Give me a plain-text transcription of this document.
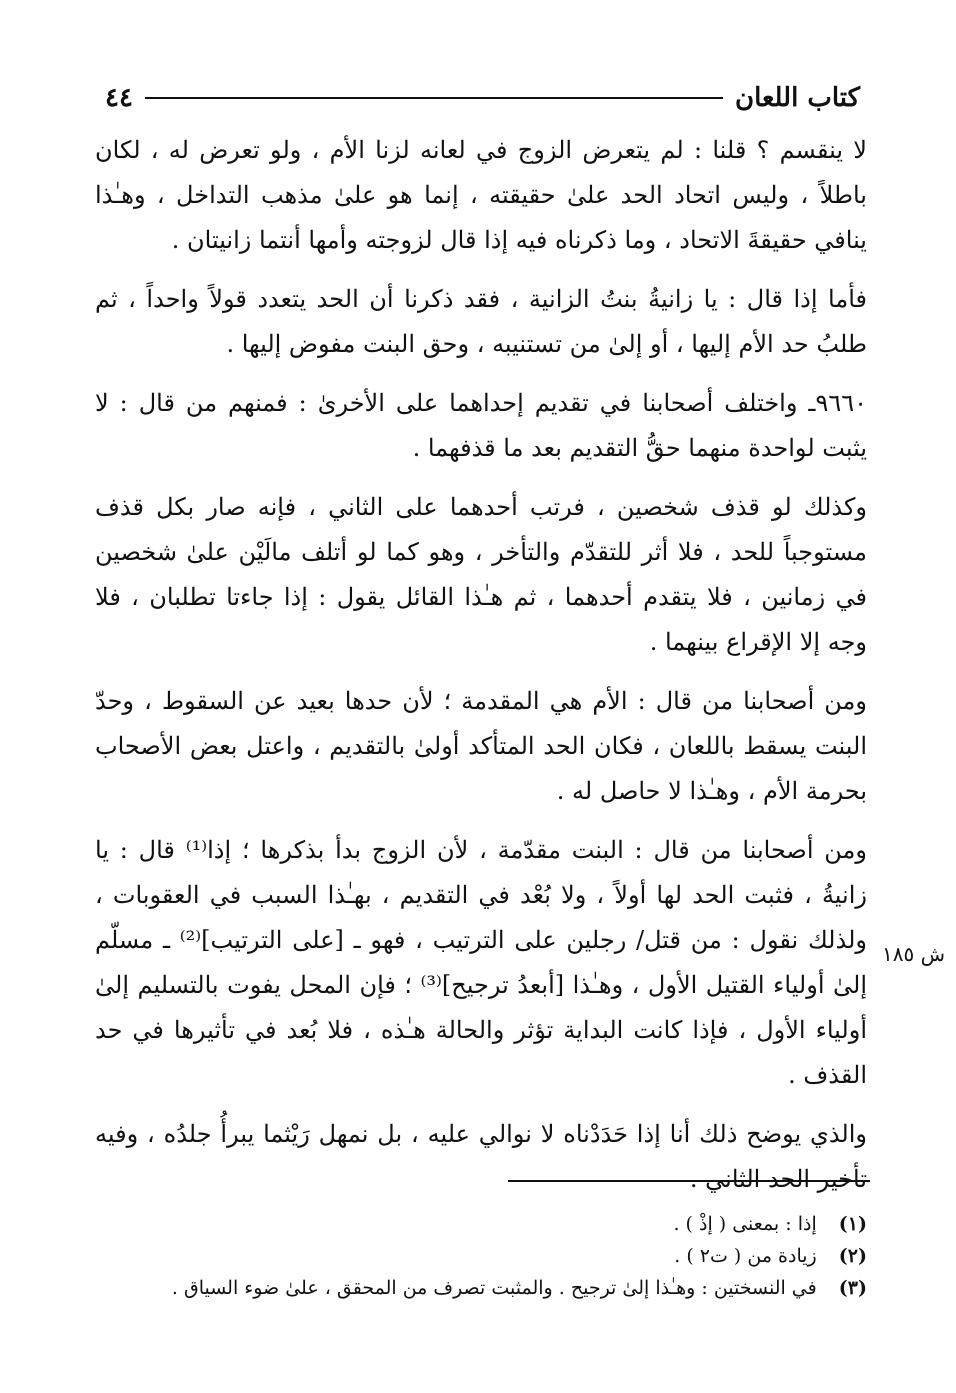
كتاب اللعان
٤٤

لا ينقسم ؟ قلنا : لم يتعرض الزوج في لعانه لزنا الأم ، ولو تعرض له ، لكان باطلاً ، وليس اتحاد الحد علىٰ حقيقته ، إنما هو علىٰ مذهب التداخل ، وهـٰذا ينافي حقيقةَ الاتحاد ، وما ذكرناه فيه إذا قال لزوجته وأمها أنتما زانيتان .

فأما إذا قال : يا زانيةُ بنتُ الزانية ، فقد ذكرنا أن الحد يتعدد قولاً واحداً ، ثم طلبُ حد الأم إليها ، أو إلىٰ من تستنيبه ، وحق البنت مفوض إليها .

٩٦٦٠ـ واختلف أصحابنا في تقديم إحداهما على الأخرىٰ : فمنهم من قال : لا يثبت لواحدة منهما حقُّ التقديم بعد ما قذفهما .

وكذلك لو قذف شخصين ، فرتب أحدهما على الثاني ، فإنه صار بكل قذف مستوجباً للحد ، فلا أثر للتقدّم والتأخر ، وهو كما لو أتلف مالَيْن علىٰ شخصين في زمانين ، فلا يتقدم أحدهما ، ثم هـٰذا القائل يقول : إذا جاءتا تطلبان ، فلا وجه إلا الإقراع بينهما .

ومن أصحابنا من قال : الأم هي المقدمة ؛ لأن حدها بعيد عن السقوط ، وحدّ البنت يسقط باللعان ، فكان الحد المتأكد أولىٰ بالتقديم ، واعتل بعض الأصحاب بحرمة الأم ، وهـٰذا لا حاصل له .

ومن أصحابنا من قال : البنت مقدّمة ، لأن الزوج بدأ بذكرها ؛ إذا⁽¹⁾ قال : يا زانيةُ ، فثبت الحد لها أولاً ، ولا بُعْد في التقديم ، بهـٰذا السبب في العقوبات ، ولذلك نقول : من قتل/ رجلين على الترتيب ، فهو ـ [على الترتيب]⁽²⁾ ـ مسلّم إلىٰ أولياء القتيل الأول ، وهـٰذا [أبعدُ ترجيح]⁽³⁾ ؛ فإن المحل يفوت بالتسليم إلىٰ أولياء الأول ، فإذا كانت البداية تؤثر والحالة هـٰذه ، فلا بُعد في تأثيرها في حد القذف .

والذي يوضح ذلك أنا إذا حَدَدْناه لا نوالي عليه ، بل نمهل رَيْثما يبرأُ جلدُه ، وفيه تأخير الحد الثاني .

ش ١٨٥

(١) إذا : بمعنى ( إذْ ) .

(٢) زيادة من ( ت٢ ) .

(٣) في النسختين : وهـٰذا إلىٰ ترجيح . والمثبت تصرف من المحقق ، علىٰ ضوء السياق .
